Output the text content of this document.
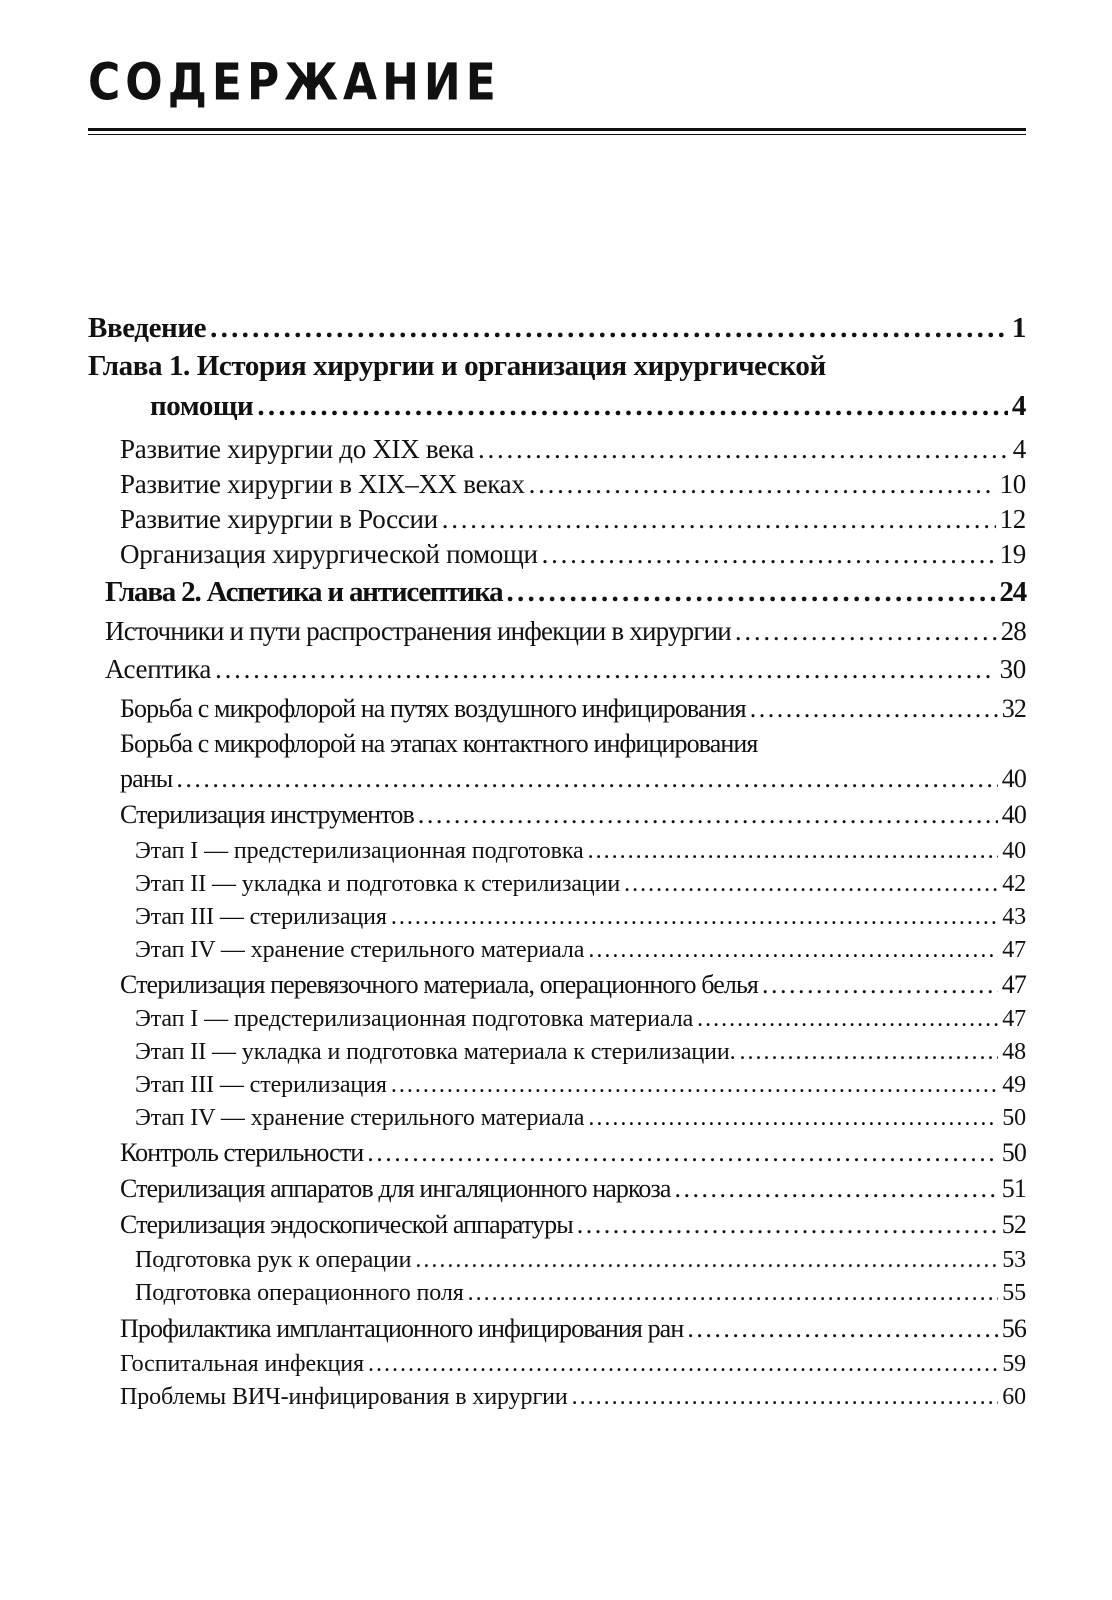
СОДЕРЖАНИЕ
Введение . . .	1
Глава 1. История хирургии и организация хирургической
помощи . . .	4
Развитие хирургии до XIX века . . .	4
Развитие хирургии в XIX–XX веках . . .	10
Развитие хирургии в России . . .	12
Организация хирургической помощи . . .	19
Глава 2. Аспетика и антисептика . . .	24
Источники и пути распространения инфекции в хирургии . . .	28
Асептика . . .	30
Борьба с микрофлорой на путях воздушного инфицирования . . .	32
Борьба с микрофлорой на этапах контактного инфицирования
раны . . .	40
Стерилизация инструментов . . .	40
Этап I — предстерилизационная подготовка . . .	40
Этап II — укладка и подготовка к стерилизации . . .	42
Этап III — стерилизация . . .	43
Этап IV — хранение стерильного материала . . .	47
Стерилизация перевязочного материала, операционного белья . . .	47
Этап I — предстерилизационная подготовка материала . . .	47
Этап II — укладка и подготовка материала к стерилизации. . . .	48
Этап III — стерилизация . . .	49
Этап IV — хранение стерильного материала . . .	50
Контроль стерильности . . .	50
Стерилизация аппаратов для ингаляционного наркоза . . .	51
Стерилизация эндоскопической аппаратуры . . .	52
Подготовка рук к операции . . .	53
Подготовка операционного поля . . .	55
Профилактика имплантационного инфицирования ран . . .	56
Госпитальная инфекция . . .	59
Проблемы ВИЧ-инфицирования в хирургии . . .	60
